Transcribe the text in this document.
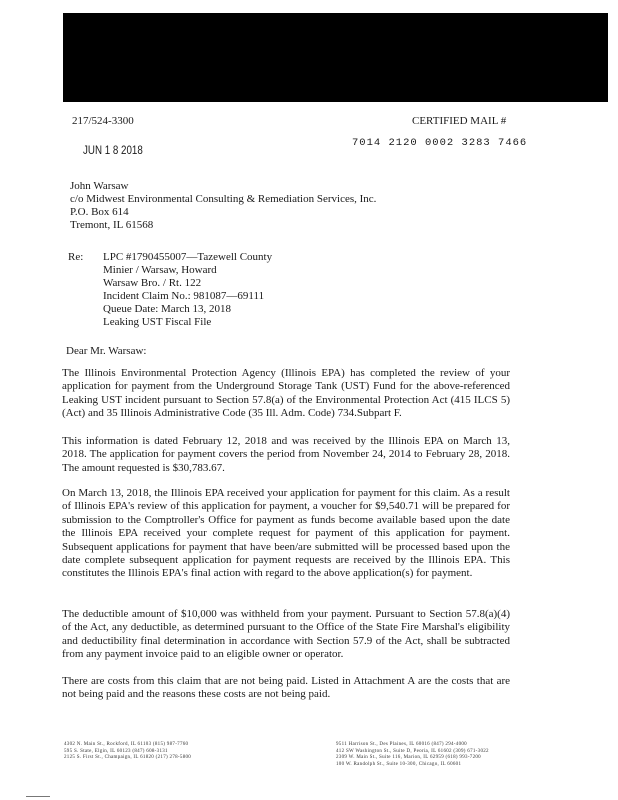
217/524-3300	CERTIFIED MAIL #
7014 2120 0002 3283 7466
JUN 1 8 2018
John Warsaw
c/o Midwest Environmental Consulting & Remediation Services, Inc.
P.O. Box 614
Tremont, IL 61568
Re: LPC #1790455007—Tazewell County
Minier / Warsaw, Howard
Warsaw Bro. / Rt. 122
Incident Claim No.: 981087—69111
Queue Date: March 13, 2018
Leaking UST Fiscal File
Dear Mr. Warsaw:
The Illinois Environmental Protection Agency (Illinois EPA) has completed the review of your application for payment from the Underground Storage Tank (UST) Fund for the above-referenced Leaking UST incident pursuant to Section 57.8(a) of the Environmental Protection Act (415 ILCS 5) (Act) and 35 Illinois Administrative Code (35 Ill. Adm. Code) 734.Subpart F.
This information is dated February 12, 2018 and was received by the Illinois EPA on March 13, 2018. The application for payment covers the period from November 24, 2014 to February 28, 2018. The amount requested is $30,783.67.
On March 13, 2018, the Illinois EPA received your application for payment for this claim. As a result of Illinois EPA's review of this application for payment, a voucher for $9,540.71 will be prepared for submission to the Comptroller's Office for payment as funds become available based upon the date the Illinois EPA received your complete request for payment of this application for payment. Subsequent applications for payment that have been/are submitted will be processed based upon the date complete subsequent application for payment requests are received by the Illinois EPA. This constitutes the Illinois EPA's final action with regard to the above application(s) for payment.
The deductible amount of $10,000 was withheld from your payment. Pursuant to Section 57.8(a)(4) of the Act, any deductible, as determined pursuant to the Office of the State Fire Marshal's eligibility and deductibility final determination in accordance with Section 57.9 of the Act, shall be subtracted from any payment invoice paid to an eligible owner or operator.
There are costs from this claim that are not being paid. Listed in Attachment A are the costs that are not being paid and the reasons these costs are not being paid.
4302 N. Main St., Rockford, IL 61103 (815) 987-7760
595 S. State, Elgin, IL 60123 (847) 608-3131
2125 S. First St., Champaign, IL 61820 (217) 278-5800
9511 Harrison St., Des Plaines, IL 60016 (847) 294-4000
412 SW Washington St., Suite D, Peoria, IL 61602 (309) 671-3022
2309 W. Main St., Suite 116, Marion, IL 62959 (618) 993-7200
100 W. Randolph St., Suite 10-300, Chicago, IL 60601
